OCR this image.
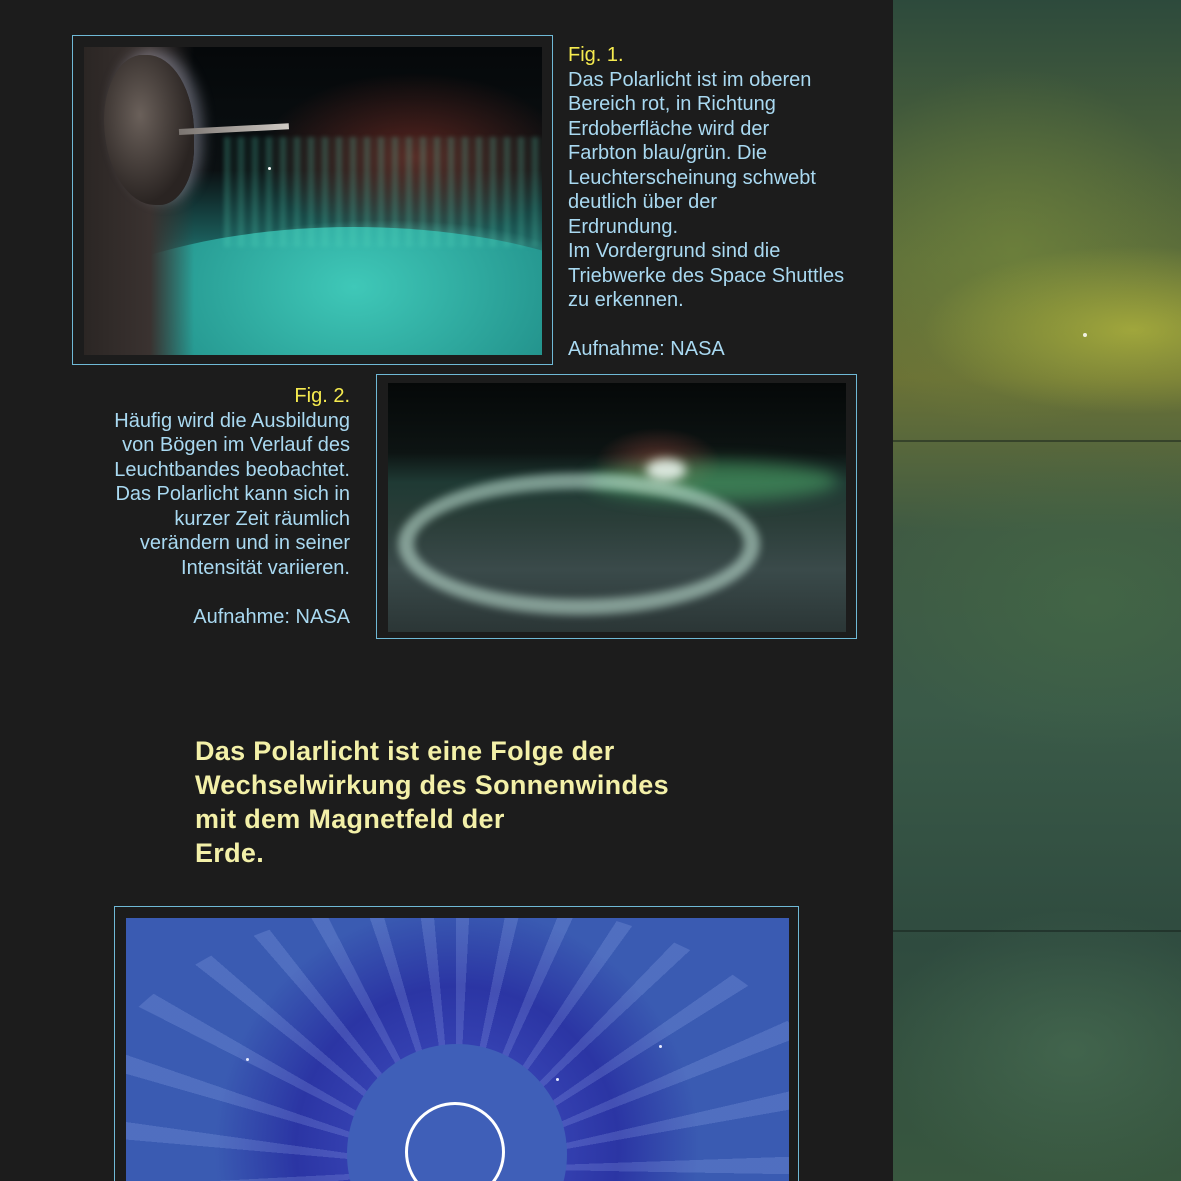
Fig. 1.

Das Polarlicht ist im oberen

Bereich rot, in Richtung

Erdoberfläche wird der

Farbton blau/grün. Die

Leuchterscheinung schwebt

deutlich über der

Erdrundung.

Im Vordergrund sind die

Triebwerke des Space Shuttles

zu erkennen.

Aufnahme: NASA

Fig. 2.

Häufig wird die Ausbildung

von Bögen im Verlauf des

Leuchtbandes beobachtet.

Das Polarlicht kann sich in

kurzer Zeit räumlich

verändern und in seiner

Intensität variieren.

Aufnahme: NASA

Das Polarlicht ist eine Folge der
Wechselwirkung des Sonnenwindes
mit dem Magnetfeld der
Erde.
